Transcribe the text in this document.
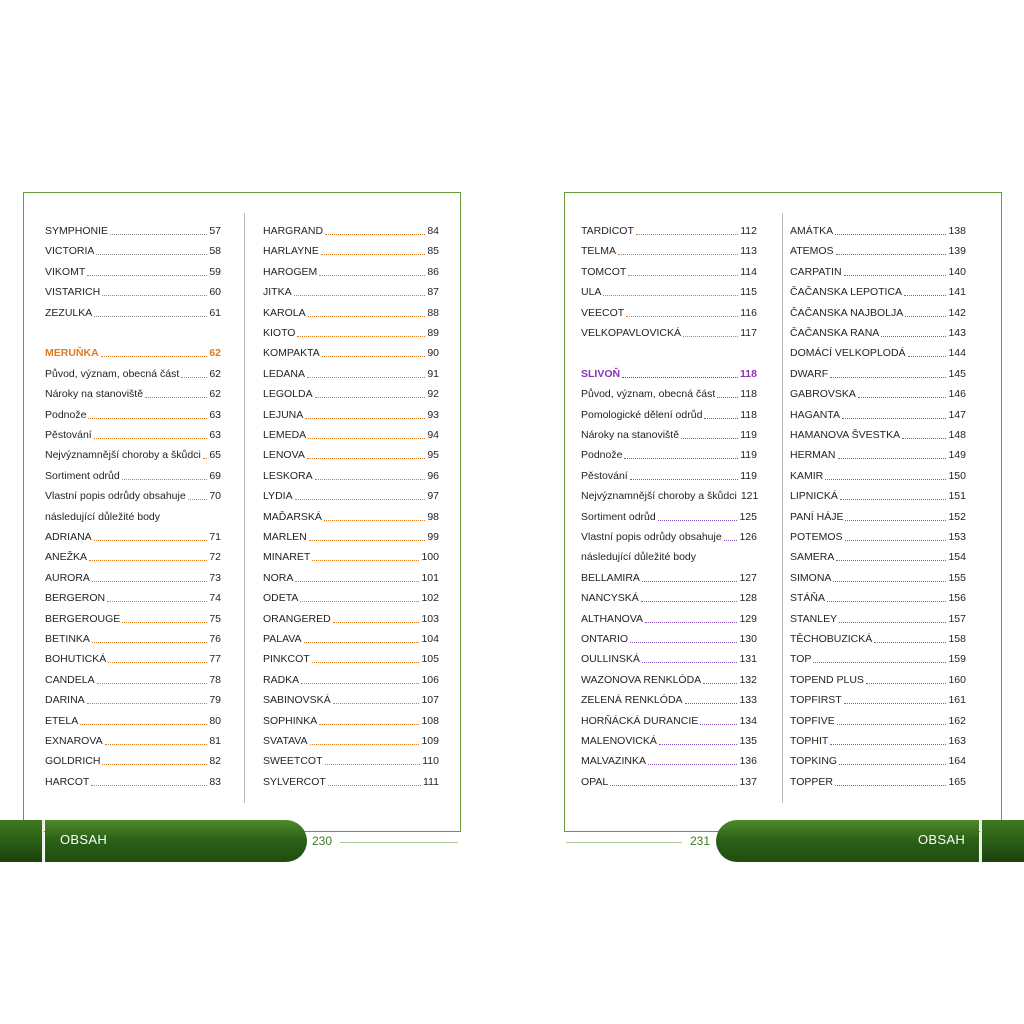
SYMPHONIE	57
VICTORIA	58
VIKOMT	59
VISTARICH	60
ZEZULKA	61
MERUŇKA	62
Původ, význam, obecná část	62
Nároky na stanoviště	62
Podnože	63
Pěstování	63
Nejvýznamnější choroby a škůdci 65
Sortiment odrůd	69
Vlastní popis odrůdy obsahuje 70
následující důležité body
ADRIANA	71
ANEŽKA	72
AURORA	73
BERGERON	74
BERGEROUGE	75
BETINKA	76
BOHUTICKÁ	77
CANDELA	78
DARINA	79
ETELA	80
EXNAROVA	81
GOLDRICH	82
HARCOT	83
HARGRAND	84
HARLAYNE	85
HAROGEM	86
JITKA	87
KAROLA	88
KIOTO	89
KOMPAKTA	90
LEDANA	91
LEGOLDA	92
LEJUNA	93
LEMEDA	94
LENOVA	95
LESKORA	96
LYDIA	97
MAĎARSKÁ	98
MARLEN	99
MINARET	100
NORA	101
ODETA	102
ORANGERED	103
PALAVA	104
PINKCOT	105
RADKA	106
SABINOVSKÁ	107
SOPHINKA	108
SVATAVA	109
SWEETCOT	110
SYLVERCOT	111
TARDICOT	112
TELMA	113
TOMCOT	114
ULA	115
VEECOT	116
VELKOPAVLOVICKÁ	117
SLIVOŇ	118
Původ, význam, obecná část 118
Pomologické dělení odrůd	118
Nároky na stanoviště	119
Podnože	119
Pěstování	119
Nejvýznamnější choroby a škůdci 121
Sortiment odrůd	125
Vlastní popis odrůdy obsahuje 126
následující důležité body
BELLAMIRA	127
NANCYSKÁ	128
ALTHANOVA	129
ONTARIO	130
OULLINSKÁ	131
WAZONOVA RENKLÓDA	132
ZELENÁ RENKLÓDA	133
HORŇÁCKÁ DURANCIE	134
MALENOVICKÁ	135
MALVAZINKA	136
OPAL	137
AMÁTKA	138
ATEMOS	139
CARPATIN	140
ČAČANSKA LEPOTICA	141
ČAČANSKA NAJBOLJA	142
ČAČANSKA RANA	143
DOMÁCÍ VELKOPLODÁ	144
DWARF	145
GABROVSKA	146
HAGANTA	147
HAMANOVA ŠVESTKA	148
HERMAN	149
KAMIR	150
LIPNICKÁ	151
PANÍ HÁJE	152
POTEMOS	153
SAMERA	154
SIMONA	155
STÁŇA	156
STANLEY	157
TĚCHOBUZICKÁ	158
TOP	159
TOPEND PLUS	160
TOPFIRST	161
TOPFIVE	162
TOPHIT	163
TOPKING	164
TOPPER	165
OBSAH	230	231	OBSAH
